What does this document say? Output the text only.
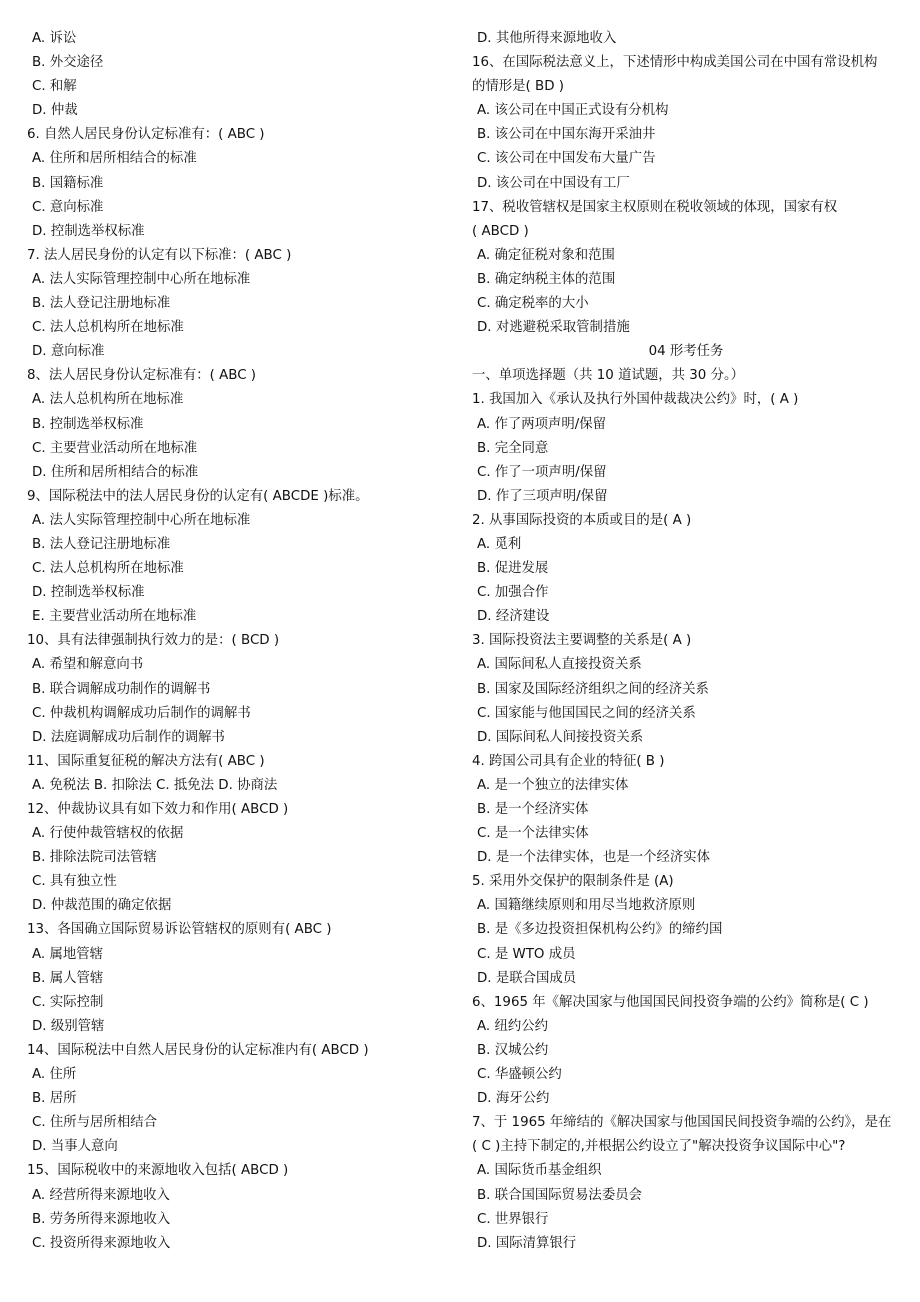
A. 诉讼
B. 外交途径
C. 和解
D. 仲裁
6. 自然人居民身份认定标准有：( ABC )
A. 住所和居所相结合的标准
B. 国籍标准
C. 意向标准
D. 控制选举权标准
7. 法人居民身份的认定有以下标准：( ABC )
A. 法人实际管理控制中心所在地标准
B. 法人登记注册地标准
C. 法人总机构所在地标准
D. 意向标准
8、法人居民身份认定标准有：( ABC )
A. 法人总机构所在地标准
B. 控制选举权标准
C. 主要营业活动所在地标准
D. 住所和居所相结合的标准
9、国际税法中的法人居民身份的认定有( ABCDE )标准。
A. 法人实际管理控制中心所在地标准
B. 法人登记注册地标准
C. 法人总机构所在地标准
D. 控制选举权标准
E. 主要营业活动所在地标准
10、具有法律强制执行效力的是：( BCD )
A. 希望和解意向书
B. 联合调解成功制作的调解书
C. 仲裁机构调解成功后制作的调解书
D. 法庭调解成功后制作的调解书
11、国际重复征税的解决方法有( ABC )
A. 免税法 B. 扣除法 C. 抵免法 D. 协商法
12、仲裁协议具有如下效力和作用( ABCD )
A. 行使仲裁管辖权的依据
B. 排除法院司法管辖
C. 具有独立性
D. 仲裁范围的确定依据
13、各国确立国际贸易诉讼管辖权的原则有( ABC )
A. 属地管辖
B. 属人管辖
C. 实际控制
D. 级别管辖
14、国际税法中自然人居民身份的认定标准内有( ABCD )
A. 住所
B. 居所
C. 住所与居所相结合
D. 当事人意向
15、国际税收中的来源地收入包括( ABCD )
A. 经营所得来源地收入
B. 劳务所得来源地收入
C. 投资所得来源地收入
D. 其他所得来源地收入
16、在国际税法意义上，下述情形中构成美国公司在中国有常设机构
的情形是( BD )
A. 该公司在中国正式设有分机构
B. 该公司在中国东海开采油井
C. 该公司在中国发布大量广告
D. 该公司在中国设有工厂
17、税收管辖权是国家主权原则在税收领域的体现，国家有权
( ABCD )
A. 确定征税对象和范围
B. 确定纳税主体的范围
C. 确定税率的大小
D. 对逃避税采取管制措施
04 形考任务
一、单项选择题（共 10 道试题，共 30 分。）
1. 我国加入《承认及执行外国仲裁裁决公约》时，( A )
A. 作了两项声明/保留
B. 完全同意
C. 作了一项声明/保留
D. 作了三项声明/保留
2. 从事国际投资的本质或目的是( A )
A. 觅利
B. 促进发展
C. 加强合作
D. 经济建设
3. 国际投资法主要调整的关系是( A )
A. 国际间私人直接投资关系
B. 国家及国际经济组织之间的经济关系
C. 国家能与他国国民之间的经济关系
D. 国际间私人间接投资关系
4. 跨国公司具有企业的特征( B )
A. 是一个独立的法律实体
B. 是一个经济实体
C. 是一个法律实体
D. 是一个法律实体，也是一个经济实体
5. 采用外交保护的限制条件是 (A)
A. 国籍继续原则和用尽当地救济原则
B. 是《多边投资担保机构公约》的缔约国
C. 是 WTO 成员
D. 是联合国成员
6、1965 年《解决国家与他国国民间投资争端的公约》简称是( C )
A. 纽约公约
B. 汉城公约
C. 华盛顿公约
D. 海牙公约
7、于 1965 年缔结的《解决国家与他国国民间投资争端的公约》，是在
( C )主持下制定的,并根据公约设立了"解决投资争议国际中心"?
A. 国际货币基金组织
B. 联合国国际贸易法委员会
C. 世界银行
D. 国际清算银行
